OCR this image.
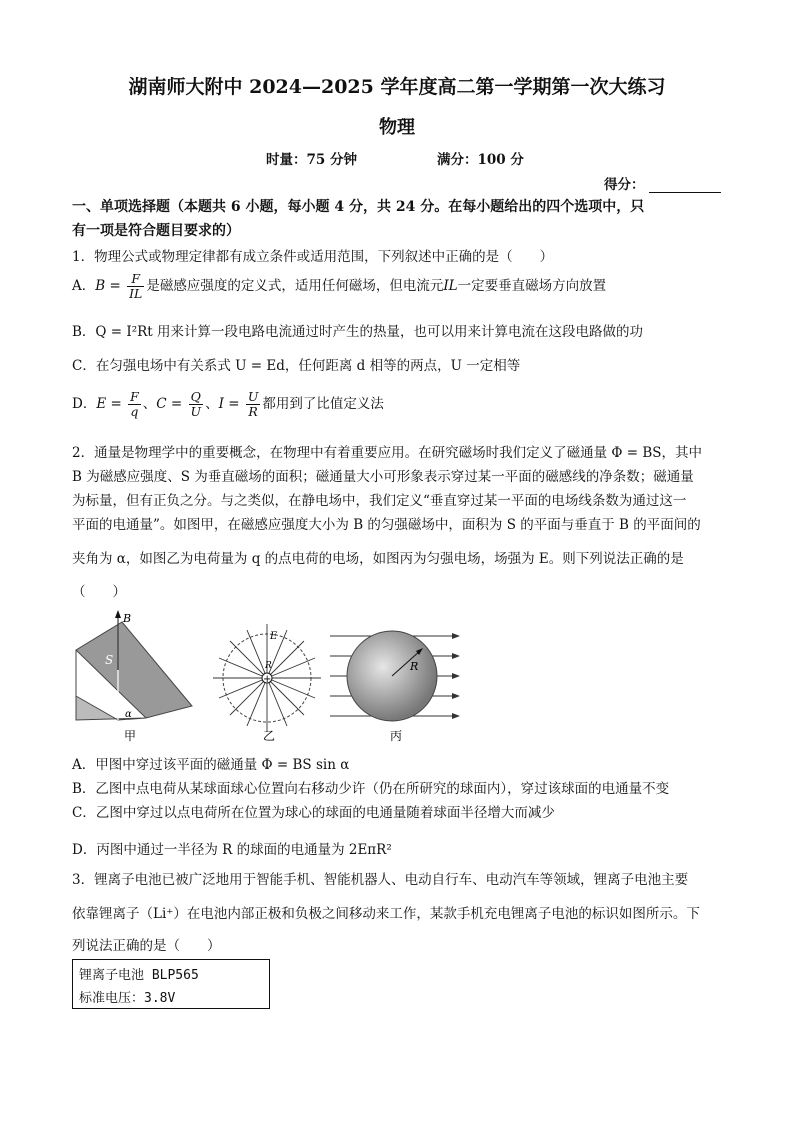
湖南师大附中 2024—2025 学年度高二第一学期第一次大练习
物理
时量：75 分钟	满分：100 分
得分：
一、单项选择题（本题共 6 小题，每小题 4 分，共 24 分。在每小题给出的四个选项中，只
有一项是符合题目要求的）
1．物理公式或物理定律都有成立条件或适用范围，下列叙述中正确的是（　　）
A．$B = \frac{F}{IL}$ 是磁感应强度的定义式，适用任何磁场，但电流元IL一定要垂直磁场方向放置
B．Q = I²Rt 用来计算一段电路电流通过时产生的热量，也可以用来计算电流在这段电路做的功
C．在匀强电场中有关系式 U = Ed，任何距离 d 相等的两点，U 一定相等
D．$E = \frac{F}{q}$ 、$C = \frac{Q}{U}$ 、$I = \frac{U}{R}$ 都用到了比值定义法
2．通量是物理学中的重要概念，在物理中有着重要应用。在研究磁场时我们定义了磁通量 Φ = BS，其中
B 为磁感应强度、S 为垂直磁场的面积；磁通量大小可形象表示穿过某一平面的磁感线的净条数；磁通量
为标量，但有正负之分。与之类似，在静电场中，我们定义“垂直穿过某一平面的电场线条数为通过这一
平面的电通量”。如图甲，在磁感应强度大小为 B 的匀强磁场中，面积为 S 的平面与垂直于 B 的平面间的
夹角为 α，如图乙为电荷量为 q 的点电荷的电场，如图丙为匀强电场，场强为 E。则下列说法正确的是
（　　）
B
S
α
甲
+
E
R
乙
R
丙
A．甲图中穿过该平面的磁通量 Φ = BS sin α
B．乙图中点电荷从某球面球心位置向右移动少许（仍在所研究的球面内），穿过该球面的电通量不变
C．乙图中穿过以点电荷所在位置为球心的球面的电通量随着球面半径增大而减少
D．丙图中通过一半径为 R 的球面的电通量为 2EπR²
3．锂离子电池已被广泛地用于智能手机、智能机器人、电动自行车、电动汽车等领域，锂离子电池主要
依靠锂离子（Li⁺）在电池内部正极和负极之间移动来工作，某款手机充电锂离子电池的标识如图所示。下
列说法正确的是（　　）
锂离子电池 BLP565
标准电压：3.8V
